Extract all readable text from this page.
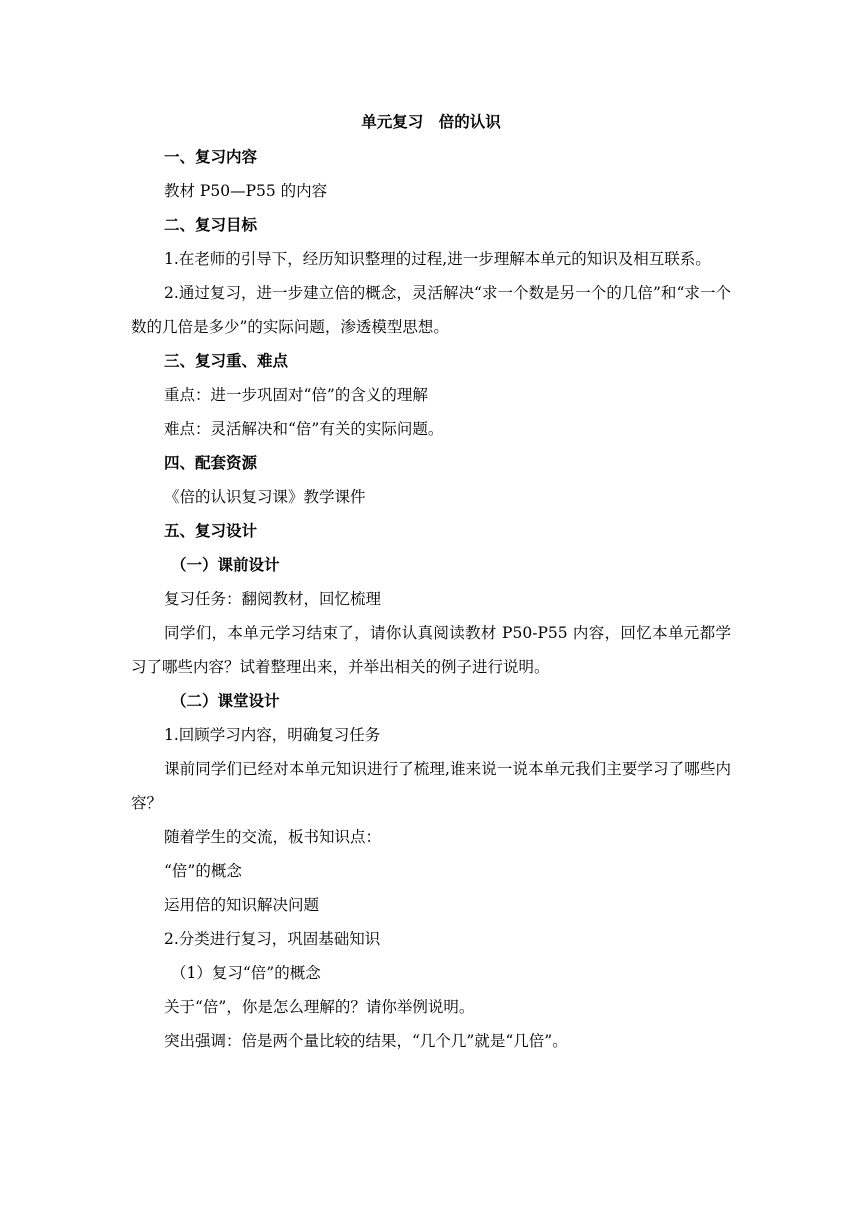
单元复习　倍的认识
一、复习内容
教材 P50—P55 的内容
二、复习目标
1.在老师的引导下，经历知识整理的过程,进一步理解本单元的知识及相互联系。
2.通过复习，进一步建立倍的概念，灵活解决“求一个数是另一个的几倍”和“求一个数的几倍是多少”的实际问题，渗透模型思想。
三、复习重、难点
重点：进一步巩固对“倍”的含义的理解
难点：灵活解决和“倍”有关的实际问题。
四、配套资源
《倍的认识复习课》教学课件
五、复习设计
（一）课前设计
复习任务：翻阅教材，回忆梳理
同学们，本单元学习结束了，请你认真阅读教材 P50-P55 内容，回忆本单元都学习了哪些内容？试着整理出来，并举出相关的例子进行说明。
（二）课堂设计
1.回顾学习内容，明确复习任务
课前同学们已经对本单元知识进行了梳理,谁来说一说本单元我们主要学习了哪些内容？
随着学生的交流，板书知识点：
“倍”的概念
运用倍的知识解决问题
2.分类进行复习，巩固基础知识
（1）复习“倍”的概念
关于“倍”，你是怎么理解的？请你举例说明。
突出强调：倍是两个量比较的结果，“几个几”就是“几倍”。
